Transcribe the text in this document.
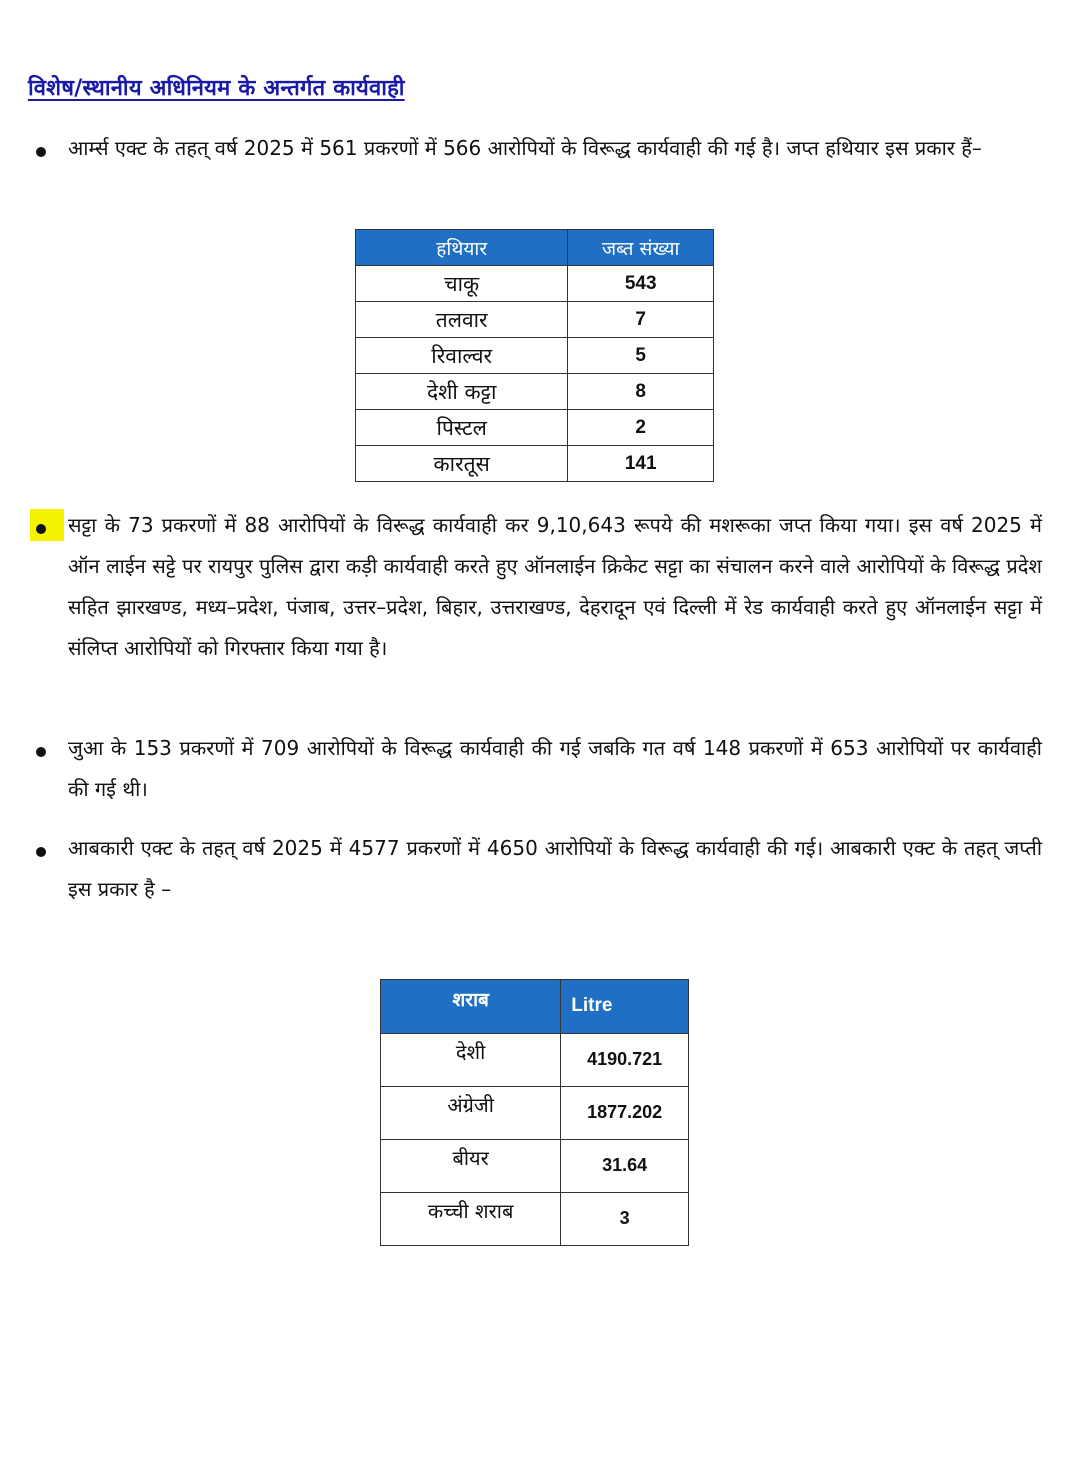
विशेष/स्थानीय अधिनियम के अन्तर्गत कार्यवाही
आर्म्स एक्ट के तहत् वर्ष 2025 में 561 प्रकरणों में 566 आरोपियों के विरूद्ध कार्यवाही की गई है। जप्त हथियार इस प्रकार हैं–
हथियार	जब्त संख्या
चाकू	543
तलवार	7
रिवाल्वर	5
देशी कट्टा	8
पिस्टल	2
कारतूस	141
सट्टा के 73 प्रकरणों में 88 आरोपियों के विरूद्ध कार्यवाही कर 9,10,643 रूपये की मशरूका जप्त किया गया। इस वर्ष 2025 में ऑन लाईन सट्टे पर रायपुर पुलिस द्वारा कड़ी कार्यवाही करते हुए ऑनलाईन क्रिकेट सट्टा का संचालन करने वाले आरोपियों के विरूद्ध प्रदेश सहित झारखण्ड, मध्य–प्रदेश, पंजाब, उत्तर–प्रदेश, बिहार, उत्तराखण्ड, देहरादून एवं दिल्ली में रेड कार्यवाही करते हुए ऑनलाईन सट्टा में संलिप्त आरोपियों को गिरफ्तार किया गया है।
जुआ के 153 प्रकरणों में 709 आरोपियों के विरूद्ध कार्यवाही की गई जबकि गत वर्ष 148 प्रकरणों में 653 आरोपियों पर कार्यवाही की गई थी।
आबकारी एक्ट के तहत् वर्ष 2025 में 4577 प्रकरणों में 4650 आरोपियों के विरूद्ध कार्यवाही की गई। आबकारी एक्ट के तहत् जप्ती इस प्रकार है –
शराब	Litre
देशी	4190.721
अंग्रेजी	1877.202
बीयर	31.64
कच्ची शराब	3
